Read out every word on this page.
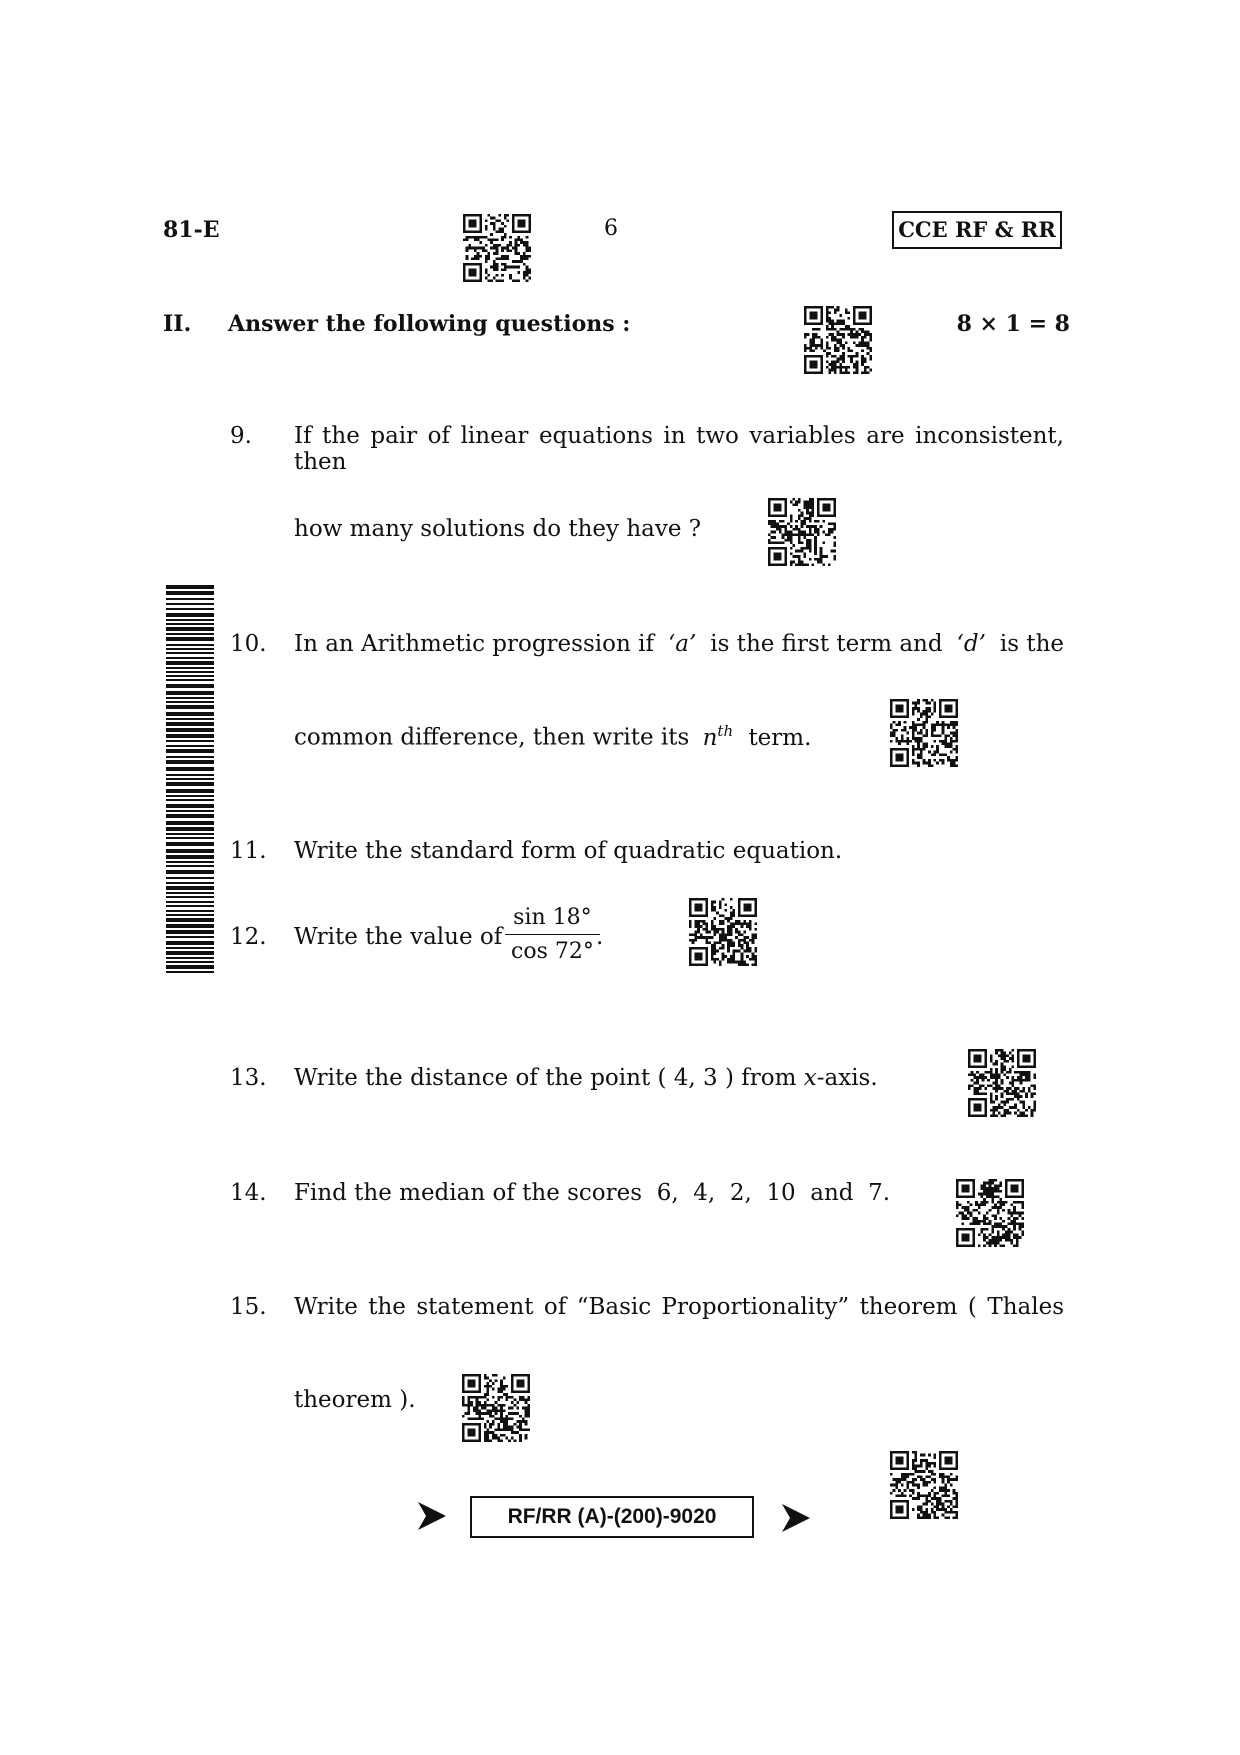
81-E	6	CCE RF & RR
II. Answer the following questions :	8 × 1 = 8
9. If the pair of linear equations in two variables are inconsistent, then
how many solutions do they have ?
10. In an Arithmetic progression if ‘a’ is the first term and ‘d’ is the
common difference, then write its $n^{th}$ term.
11. Write the standard form of quadratic equation.
12. Write the value of $\frac{\sin 18^\circ}{\cos 72^\circ}$
.
13. Write the distance of the point ( 4, 3 ) from x-axis.
14. Find the median of the scores  6,  4,  2,  10  and  7.
15. Write the statement of “Basic Proportionality” theorem ( Thales
theorem ).
RF/RR (A)-(200)-9020
